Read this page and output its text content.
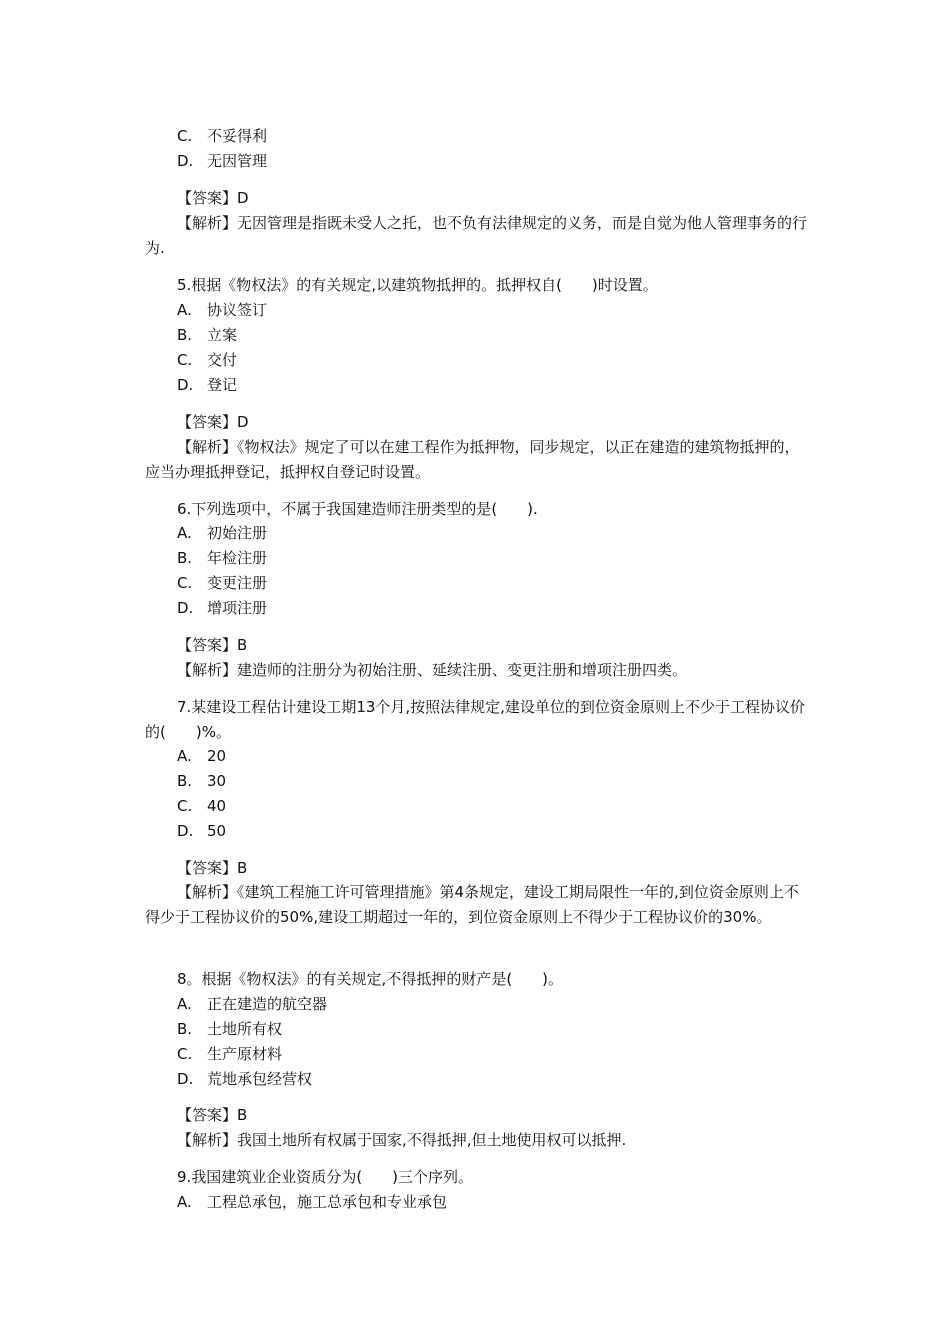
C. 不妥得利
D. 无因管理
【答案】D
【解析】无因管理是指既未受人之托，也不负有法律规定的义务，而是自觉为他人管理事务的行为.
5.根据《物权法》的有关规定,以建筑物抵押的。抵押权自(　　)时设置。
A. 协议签订
B. 立案
C. 交付
D. 登记
【答案】D
【解析】《物权法》规定了可以在建工程作为抵押物，同步规定，以正在建造的建筑物抵押的，应当办理抵押登记，抵押权自登记时设置。
6.下列选项中，不属于我国建造师注册类型的是(　　).
A. 初始注册
B. 年检注册
C. 变更注册
D. 增项注册
【答案】B
【解析】建造师的注册分为初始注册、延续注册、变更注册和增项注册四类。
7.某建设工程估计建设工期13个月,按照法律规定,建设单位的到位资金原则上不少于工程协议价的(　　)%。
A. 20
B. 30
C. 40
D. 50
【答案】B
【解析】《建筑工程施工许可管理措施》第4条规定，建设工期局限性一年的,到位资金原则上不得少于工程协议价的50%,建设工期超过一年的，到位资金原则上不得少于工程协议价的30%。
8。根据《物权法》的有关规定,不得抵押的财产是(　　)。
A. 正在建造的航空器
B. 土地所有权
C. 生产原材料
D. 荒地承包经营权
【答案】B
【解析】我国土地所有权属于国家,不得抵押,但土地使用权可以抵押.
9.我国建筑业企业资质分为(　　)三个序列。
A. 工程总承包，施工总承包和专业承包
